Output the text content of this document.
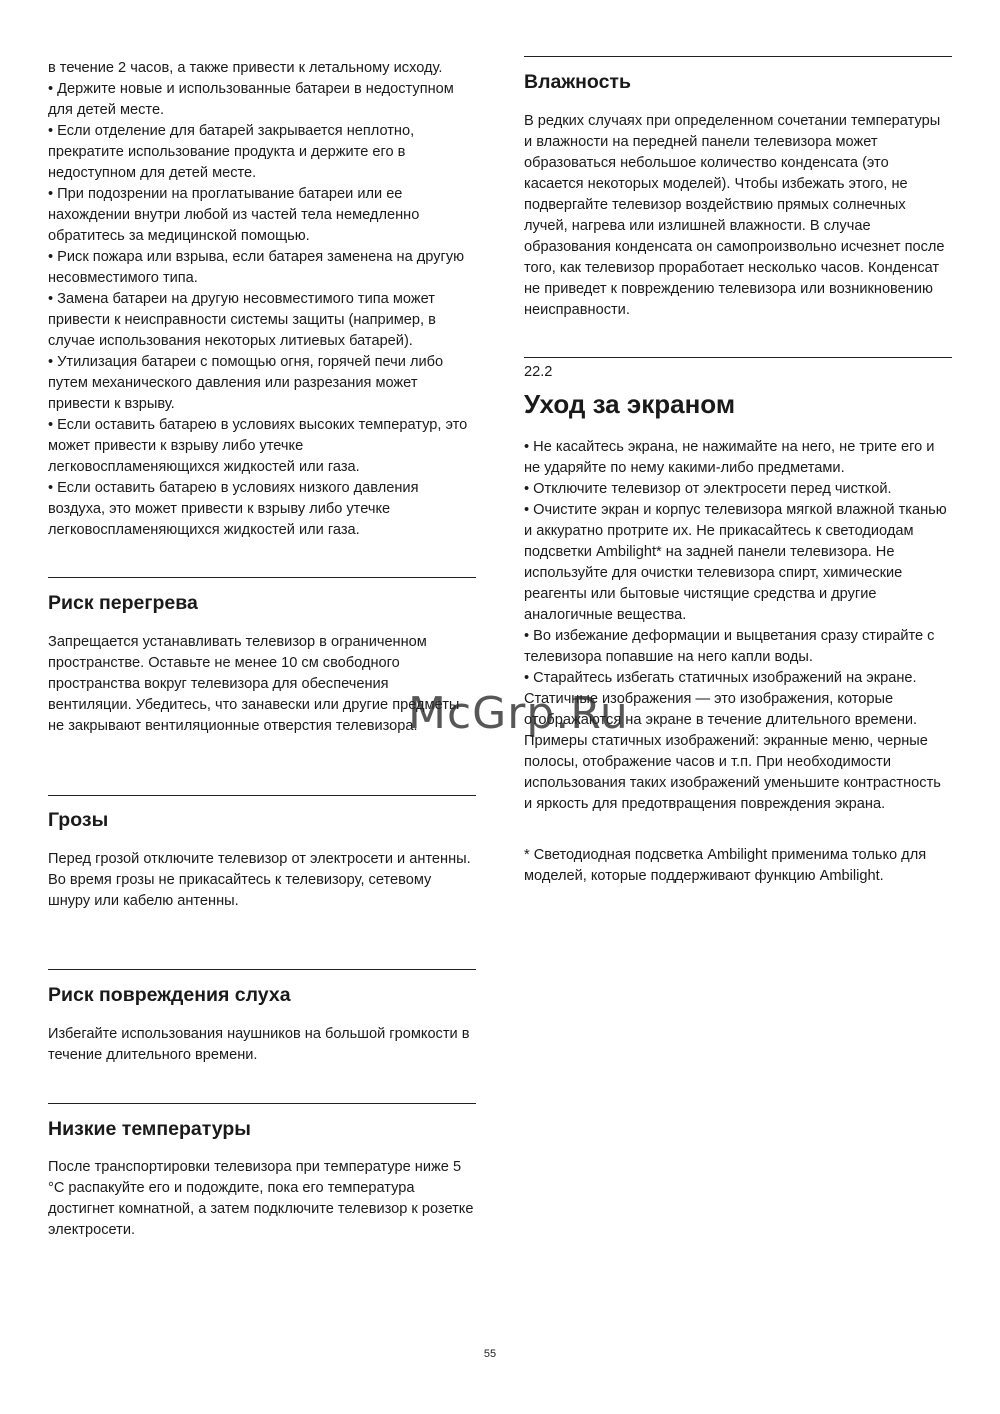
в течение 2 часов, а также привести к летальному исходу.
• Держите новые и использованные батареи в недоступном для детей месте.
• Если отделение для батарей закрывается неплотно, прекратите использование продукта и держите его в недоступном для детей месте.
• При подозрении на проглатывание батареи или ее нахождении внутри любой из частей тела немедленно обратитесь за медицинской помощью.
• Риск пожара или взрыва, если батарея заменена на другую несовместимого типа.
• Замена батареи на другую несовместимого типа может привести к неисправности системы защиты (например, в случае использования некоторых литиевых батарей).
• Утилизация батареи с помощью огня, горячей печи либо путем механического давления или разрезания может привести к взрыву.
• Если оставить батарею в условиях высоких температур, это может привести к взрыву либо утечке легковоспламеняющихся жидкостей или газа.
• Если оставить батарею в условиях низкого давления воздуха, это может привести к взрыву либо утечке легковоспламеняющихся жидкостей или газа.

Риск перегрева

Запрещается устанавливать телевизор в ограниченном пространстве. Оставьте не менее 10 см свободного пространства вокруг телевизора для обеспечения вентиляции. Убедитесь, что занавески или другие предметы не закрывают вентиляционные отверстия телевизора.

Грозы

Перед грозой отключите телевизор от электросети и антенны.
Во время грозы не прикасайтесь к телевизору, сетевому шнуру или кабелю антенны.

Риск повреждения слуха

Избегайте использования наушников на большой громкости в течение длительного времени.

Низкие температуры

После транспортировки телевизора при температуре ниже 5 °C распакуйте его и подождите, пока его температура достигнет комнатной, а затем подключите телевизор к розетке электросети.

Влажность

В редких случаях при определенном сочетании температуры и влажности на передней панели телевизора может образоваться небольшое количество конденсата (это касается некоторых моделей). Чтобы избежать этого, не подвергайте телевизор воздействию прямых солнечных лучей, нагрева или излишней влажности. В случае образования конденсата он самопроизвольно исчезнет после того, как телевизор проработает несколько часов. Конденсат не приведет к повреждению телевизора или возникновению неисправности.

22.2

Уход за экраном

• Не касайтесь экрана, не нажимайте на него, не трите его и не ударяйте по нему какими-либо предметами.
• Отключите телевизор от электросети перед чисткой.
• Очистите экран и корпус телевизора мягкой влажной тканью и аккуратно протрите их. Не прикасайтесь к светодиодам подсветки Ambilight* на задней панели телевизора. Не используйте для очистки телевизора спирт, химические реагенты или бытовые чистящие средства и другие аналогичные вещества.
• Во избежание деформации и выцветания сразу стирайте с телевизора попавшие на него капли воды.
• Старайтесь избегать статичных изображений на экране. Статичные изображения — это изображения, которые отображаются на экране в течение длительного времени. Примеры статичных изображений: экранные меню, черные полосы, отображение часов и т.п. При необходимости использования таких изображений уменьшите контрастность и яркость для предотвращения повреждения экрана.

* Светодиодная подсветка Ambilight применима только для моделей, которые поддерживают функцию Ambilight.

McGrp.Ru
55
